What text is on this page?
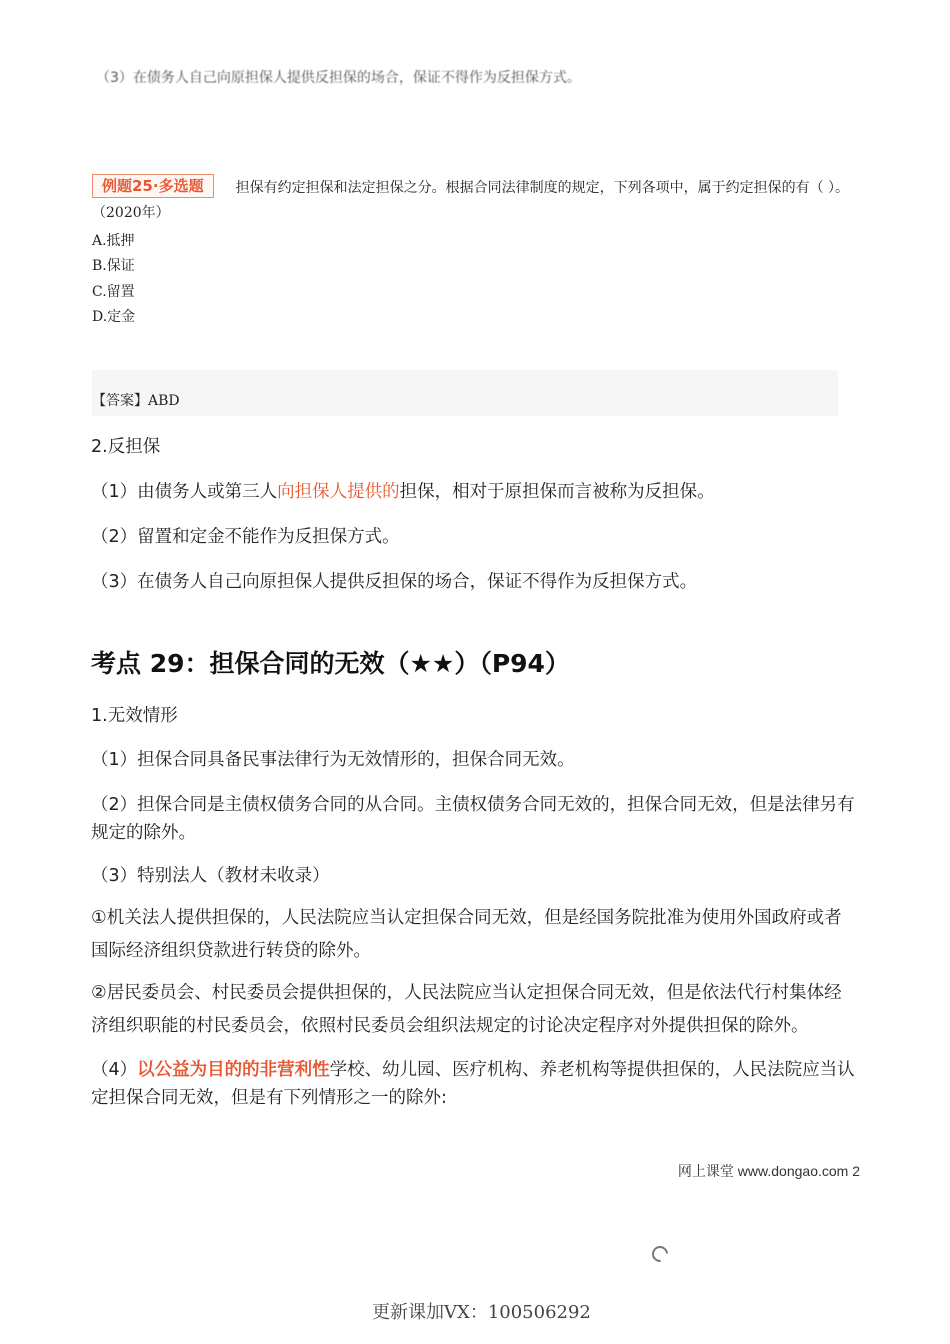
（3）在债务人自己向原担保人提供反担保的场合，保证不得作为反担保方式。
例题25·多选题 担保有约定担保和法定担保之分。根据合同法律制度的规定，下列各项中，属于约定担保的有（ ）。（2020年）
A.抵押
B.保证
C.留置
D.定金
【答案】ABD
2.反担保
（1）由债务人或第三人向担保人提供的担保，相对于原担保而言被称为反担保。
（2）留置和定金不能作为反担保方式。
（3）在债务人自己向原担保人提供反担保的场合，保证不得作为反担保方式。
考点 29：担保合同的无效（★★）（P94）
1.无效情形
（1）担保合同具备民事法律行为无效情形的，担保合同无效。
（2）担保合同是主债权债务合同的从合同。主债权债务合同无效的，担保合同无效，但是法律另有规定的除外。
（3）特别法人（教材未收录）
①机关法人提供担保的，人民法院应当认定担保合同无效，但是经国务院批准为使用外国政府或者国际经济组织贷款进行转贷的除外。
②居民委员会、村民委员会提供担保的，人民法院应当认定担保合同无效，但是依法代行村集体经济组织职能的村民委员会，依照村民委员会组织法规定的讨论决定程序对外提供担保的除外。
（4）以公益为目的的非营利性学校、幼儿园、医疗机构、养老机构等提供担保的，人民法院应当认定担保合同无效，但是有下列情形之一的除外:
网上课堂 www.dongao.com 2
更新课加VX：100506292
